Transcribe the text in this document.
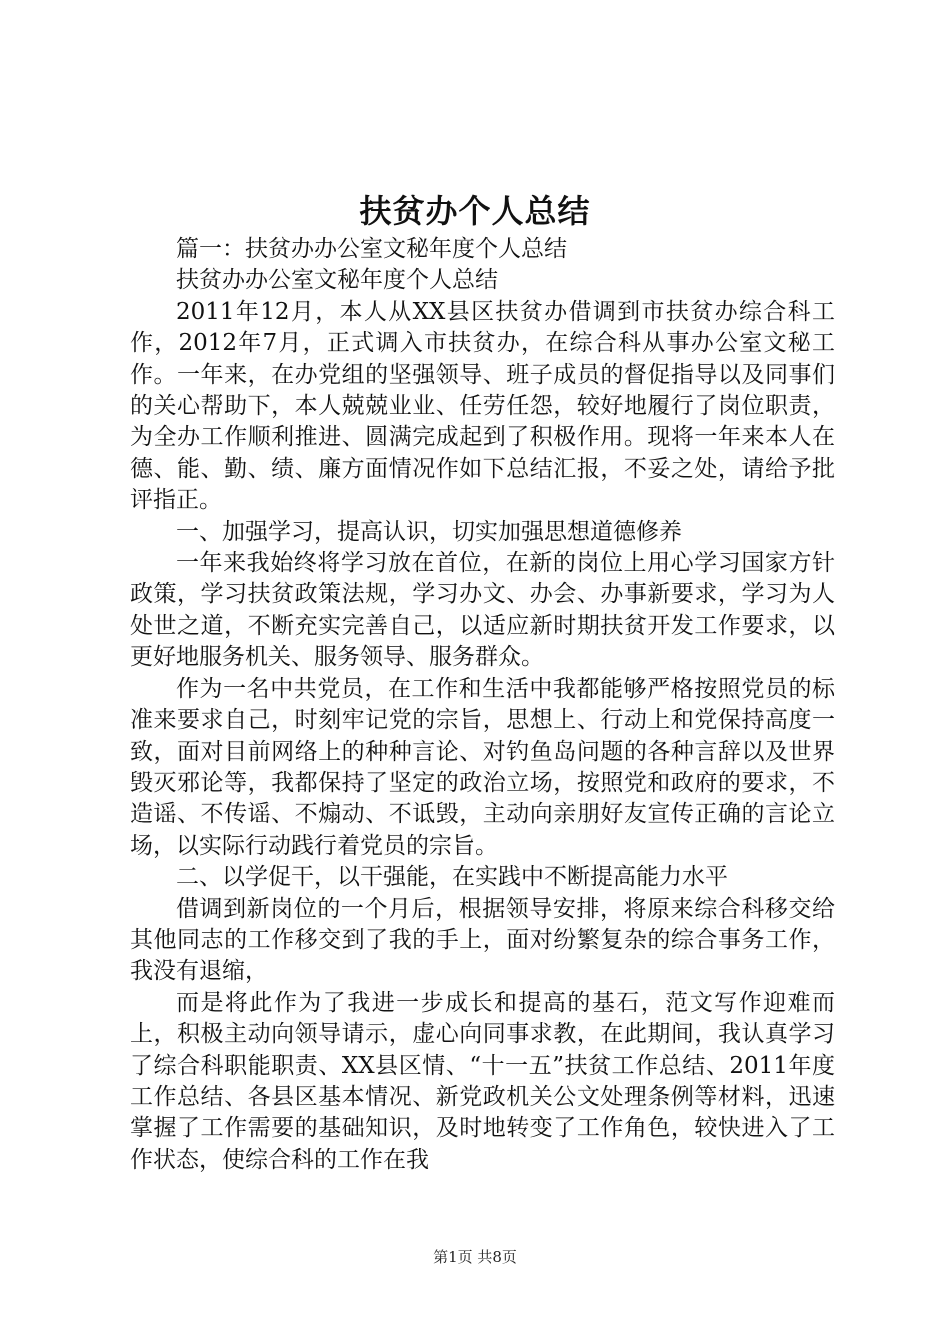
扶贫办个人总结

篇一：扶贫办办公室文秘年度个人总结

扶贫办办公室文秘年度个人总结

2011年12月，本人从XX县区扶贫办借调到市扶贫办综合科工作，2012年7月，正式调入市扶贫办，在综合科从事办公室文秘工作。一年来，在办党组的坚强领导、班子成员的督促指导以及同事们的关心帮助下，本人兢兢业业、任劳任怨，较好地履行了岗位职责，为全办工作顺利推进、圆满完成起到了积极作用。现将一年来本人在德、能、勤、绩、廉方面情况作如下总结汇报，不妥之处，请给予批评指正。

一、加强学习，提高认识，切实加强思想道德修养

一年来我始终将学习放在首位，在新的岗位上用心学习国家方针政策，学习扶贫政策法规，学习办文、办会、办事新要求，学习为人处世之道，不断充实完善自己，以适应新时期扶贫开发工作要求，以更好地服务机关、服务领导、服务群众。

作为一名中共党员，在工作和生活中我都能够严格按照党员的标准来要求自己，时刻牢记党的宗旨，思想上、行动上和党保持高度一致，面对目前网络上的种种言论、对钓鱼岛问题的各种言辞以及世界毁灭邪论等，我都保持了坚定的政治立场，按照党和政府的要求，不造谣、不传谣、不煽动、不诋毁，主动向亲朋好友宣传正确的言论立场，以实际行动践行着党员的宗旨。

二、以学促干，以干强能，在实践中不断提高能力水平

借调到新岗位的一个月后，根据领导安排，将原来综合科移交给其他同志的工作移交到了我的手上，面对纷繁复杂的综合事务工作，我没有退缩，

而是将此作为了我进一步成长和提高的基石，范文写作迎难而上，积极主动向领导请示，虚心向同事求教，在此期间，我认真学习了综合科职能职责、XX县区情、“十一五”扶贫工作总结、2011年度工作总结、各县区基本情况、新党政机关公文处理条例等材料，迅速掌握了工作需要的基础知识，及时地转变了工作角色，较快进入了工作状态，使综合科的工作在我

第1页 共8页
